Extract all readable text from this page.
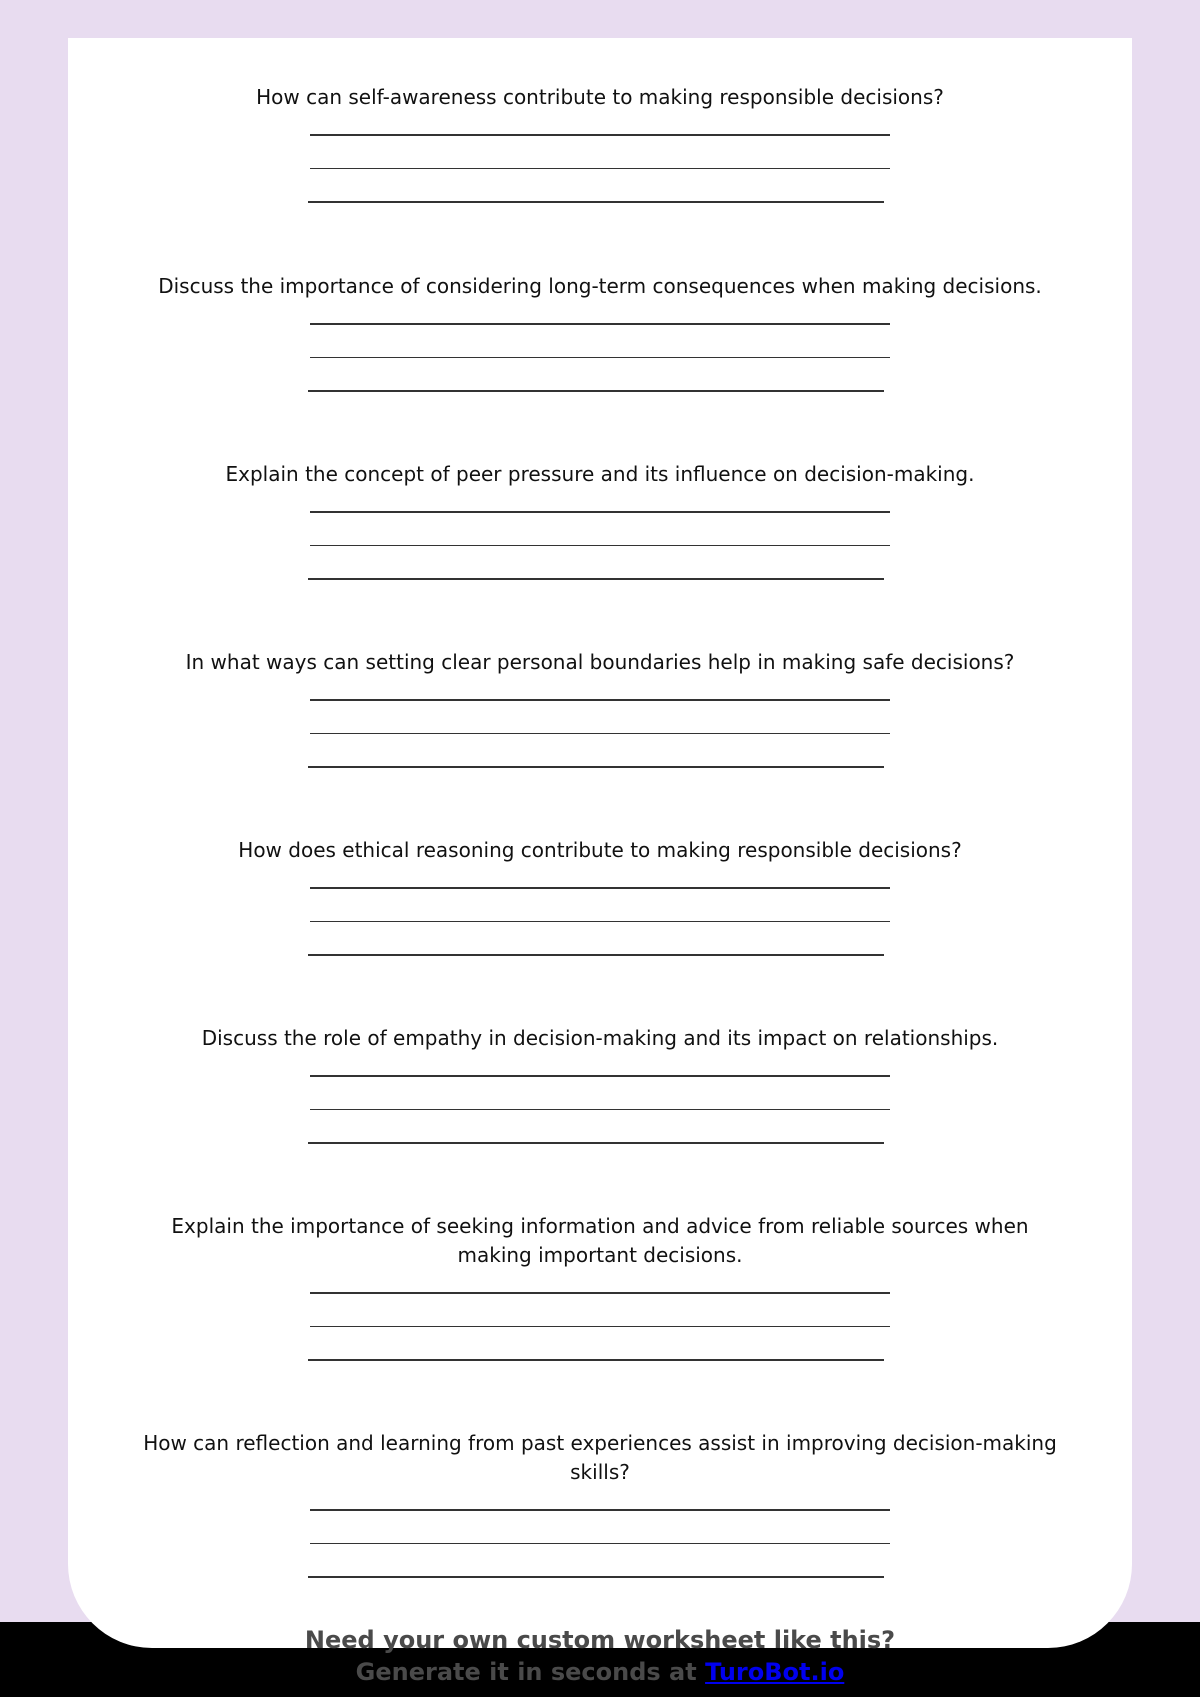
How can self-awareness contribute to making responsible decisions?
Discuss the importance of considering long-term consequences when making decisions.
Explain the concept of peer pressure and its influence on decision-making.
In what ways can setting clear personal boundaries help in making safe decisions?
How does ethical reasoning contribute to making responsible decisions?
Discuss the role of empathy in decision-making and its impact on relationships.
Explain the importance of seeking information and advice from reliable sources when making important decisions.
How can reflection and learning from past experiences assist in improving decision-making skills?
Need your own custom worksheet like this?
Generate it in seconds at TuroBot.io
